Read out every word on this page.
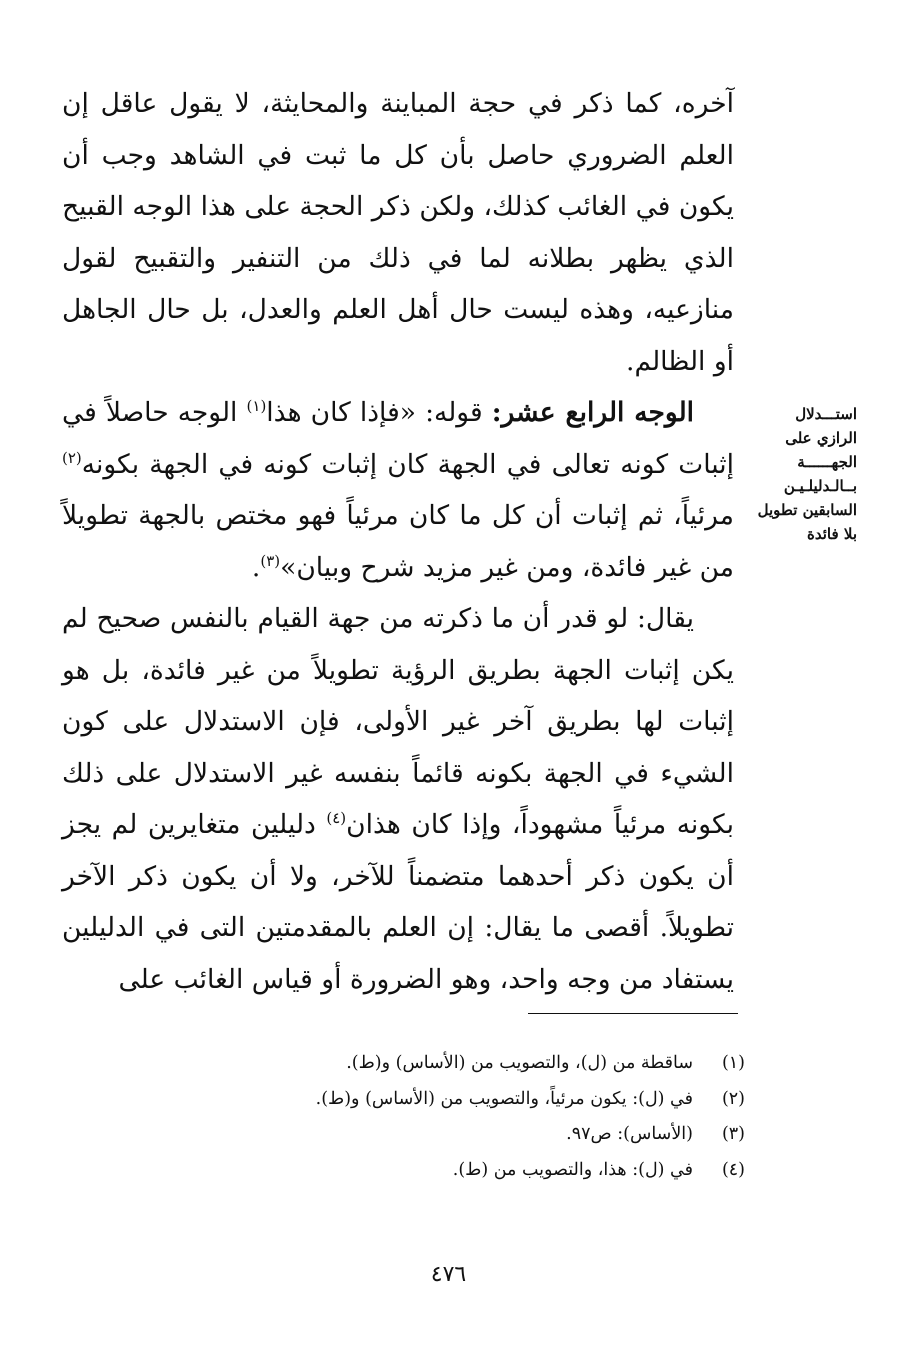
آخره، كما ذكر في حجة المباينة والمحايثة، لا يقول عاقل إن العلم الضروري حاصل بأن كل ما ثبت في الشاهد وجب أن يكون في الغائب كذلك، ولكن ذكر الحجة على هذا الوجه القبيح الذي يظهر بطلانه لما في ذلك من التنفير والتقبيح لقول منازعيه، وهذه ليست حال أهل العلم والعدل، بل حال الجاهل أو الظالم.

الوجه الرابع عشر: قوله: «فإذا كان هذا$^{(١)}$ الوجه حاصلاً في إثبات كونه تعالى في الجهة كان إثبات كونه في الجهة بكونه$^{(٢)}$ مرئياً، ثم إثبات أن كل ما كان مرئياً فهو مختص بالجهة تطويلاً من غير فائدة، ومن غير مزيد شرح وبيان»$^{(٣)}$.

يقال: لو قدر أن ما ذكرته من جهة القيام بالنفس صحيح لم يكن إثبات الجهة بطريق الرؤية تطويلاً من غير فائدة، بل هو إثبات لها بطريق آخر غير الأولى، فإن الاستدلال على كون الشيء في الجهة بكونه قائماً بنفسه غير الاستدلال على ذلك بكونه مرئياً مشهوداً، وإذا كان هذان$^{(٤)}$ دليلين متغايرين لم يجز أن يكون ذكر أحدهما متضمناً للآخر، ولا أن يكون ذكر الآخر تطويلاً. أقصى ما يقال: إن العلم بالمقدمتين التى في الدليلين يستفاد من وجه واحد، وهو الضرورة أو قياس الغائب على

استـــدلال
الرازي على
الجهــــــة
بــالـدليلـيـن
السابقين تطويل
بلا فائدة
(١)
ساقطة من (ل)، والتصويب من (الأساس) و(ط).
(٢)
في (ل): يكون مرئياً، والتصويب من (الأساس) و(ط).
(٣)
(الأساس): ص٩٧.
(٤)
في (ل): هذا، والتصويب من (ط).
٤٧٦
